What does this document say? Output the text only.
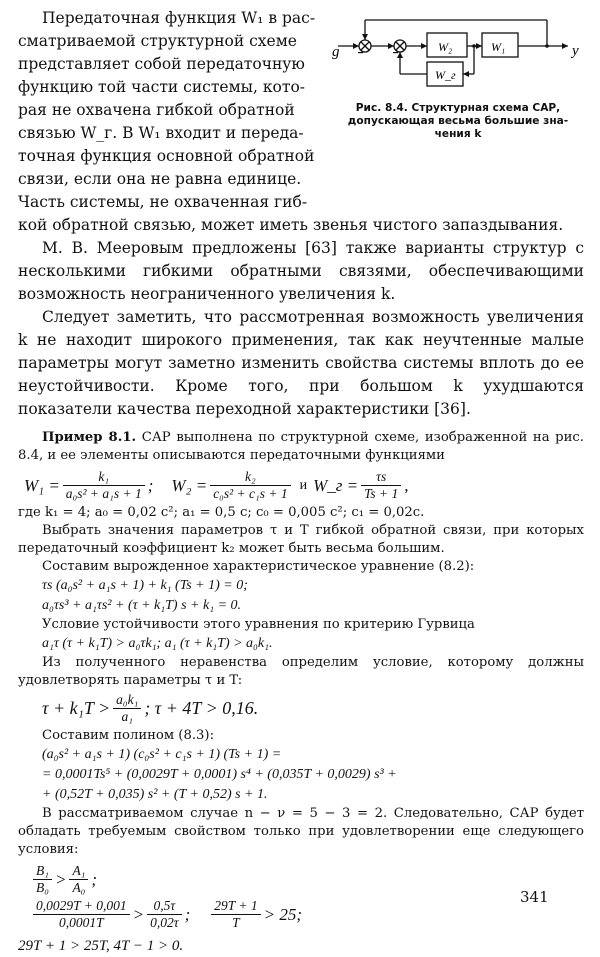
g	y
W₂	W₁
W_г
Рис. 8.4. Структурная схема САР,
допускающая весьма большие зна-
чения k

Передаточная функция W₁ в рас-

сматриваемой структурной схеме

представляет собой передаточную

функцию той части системы, кото-

рая не охвачена гибкой обратной

связью W_г. В W₁ входит и переда-

точная функция основной обратной

связи, если она не равна единице.

Часть системы, не охваченная гиб-

кой обратной связью, может иметь звенья чистого запаздывания.

М. В. Мееровым предложены [63] также варианты структур с несколькими гибкими обратными связями, обеспечивающими возможность неограниченного увеличения k.

Следует заметить, что рассмотренная возможность увеличения k не находит широкого применения, так как неучтенные малые параметры могут заметно изменить свойства системы вплоть до ее неустойчивости. Кроме того, при большом k ухудшаются показатели качества переходной характеристики [36].

Пример 8.1. САР выполнена по структурной схеме, изображенной на рис. 8.4, и ее элементы описываются передаточными функциями

$W_1 = \frac{\text{k₁}}{\text{a₀s² + a₁s + 1}}$ ; $W_2 = \frac{\text{k₂}}{\text{c₀s² + c₁s + 1}}$ и W_г = $\frac{\tau s}{Ts + 1}$ ,

где k₁ = 4; a₀ = 0,02 c²; a₁ = 0,5 c; c₀ = 0,005 c²; c₁ = 0,02c.

Выбрать значения параметров τ и T гибкой обратной связи, при которых передаточный коэффициент k₂ может быть весьма большим.

Составим вырожденное характеристическое уравнение (8.2):

τs (a₀s² + a₁s + 1) + k₁ (Ts + 1) = 0;

a₀τs³ + a₁τs² + (τ + k₁T) s + k₁ = 0.

Условие устойчивости этого уравнения по критерию Гурвица

a₁τ (τ + k₁T) > a₀τk₁; a₁ (τ + k₁T) > a₀k₁.

Из полученного неравенства определим условие, которому должны удовлетворять параметры τ и T:

$\tau + k_1T > \frac{\text{a₀k₁}}{\text{a₁}}$ ; τ + 4T > 0,16.

Составим полином (8.3):

(a₀s² + a₁s + 1) (c₀s² + c₁s + 1) (Ts + 1) =

= 0,0001Ts⁵ + (0,0029T + 0,0001) s⁴ + (0,035T + 0,0029) s³ +

+ (0,52T + 0,035) s² + (T + 0,52) s + 1.

В рассматриваемом случае n − ν = 5 − 3 = 2. Следовательно, САР будет обладать требуемым свойством только при удовлетворении еще следующего условия:

$\frac{\text{B₁}}{\text{B₀}} > \frac{\text{A₁}}{\text{A₀}}$ ;
$\frac{0,0029T + 0,001}{0,0001T} > \frac{0,5\tau}{0,02\tau}$ ; $\frac{29T + 1}{T} > 25$;

29T + 1 > 25T, 4T − 1 > 0.

341
